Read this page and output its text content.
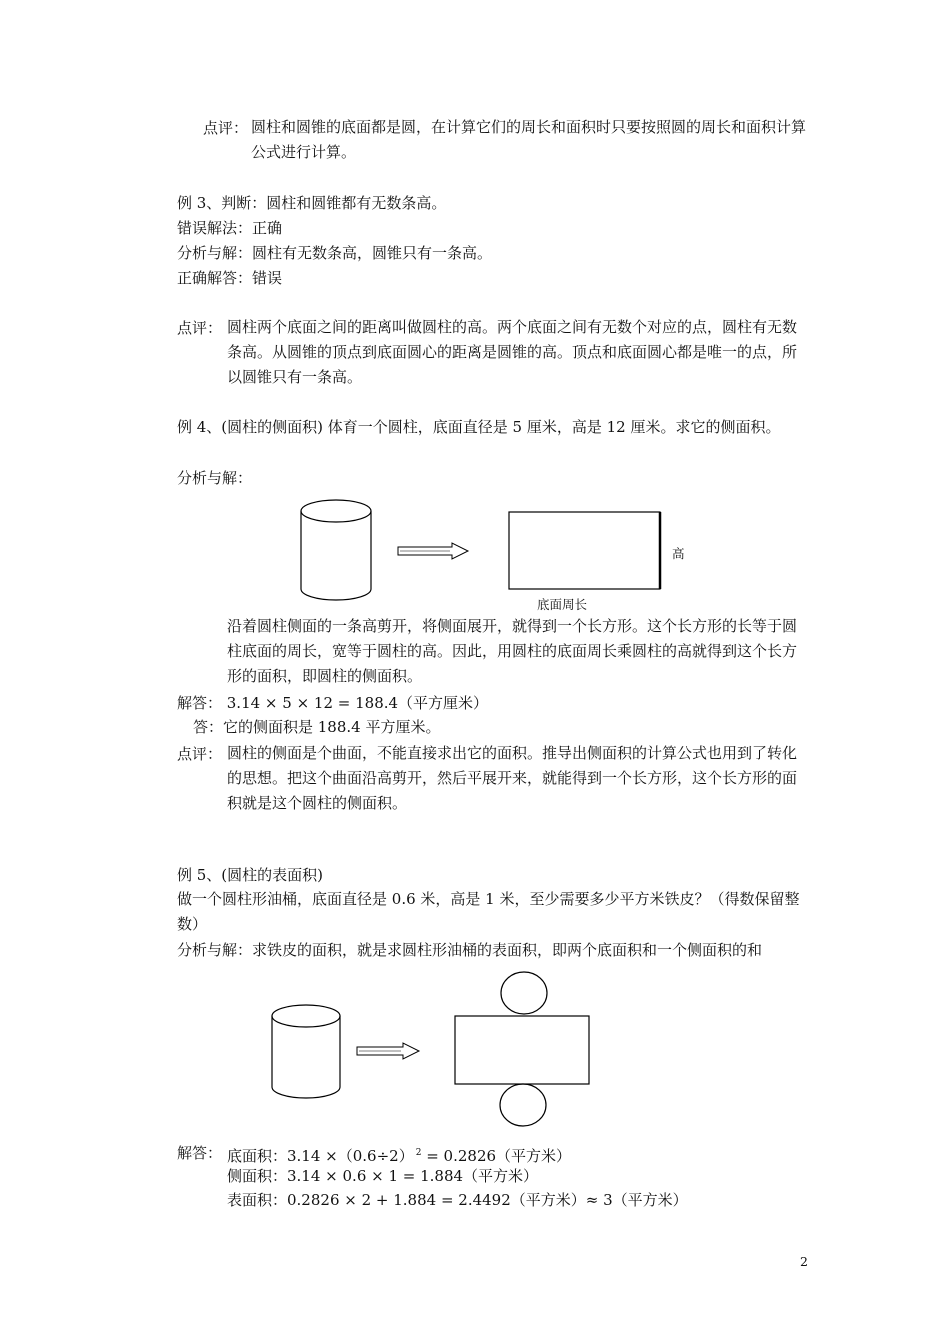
点评： 圆柱和圆锥的底面都是圆，在计算它们的周长和面积时只要按照圆的周长和面积计算公式进行计算。
例 3、判断：圆柱和圆锥都有无数条高。
错误解法：正确
分析与解：圆柱有无数条高，圆锥只有一条高。
正确解答：错误
点评： 圆柱两个底面之间的距离叫做圆柱的高。两个底面之间有无数个对应的点，圆柱有无数条高。从圆锥的顶点到底面圆心的距离是圆锥的高。顶点和底面圆心都是唯一的点，所以圆锥只有一条高。
例 4、(圆柱的侧面积) 体育一个圆柱，底面直径是 5 厘米，高是 12 厘米。求它的侧面积。
分析与解：
高
底面周长
沿着圆柱侧面的一条高剪开，将侧面展开，就得到一个长方形。这个长方形的长等于圆柱底面的周长，宽等于圆柱的高。因此，用圆柱的底面周长乘圆柱的高就得到这个长方形的面积，即圆柱的侧面积。
解答： 3.14 × 5 × 12 = 188.4（平方厘米）
答：它的侧面积是 188.4 平方厘米。
点评： 圆柱的侧面是个曲面，不能直接求出它的面积。推导出侧面积的计算公式也用到了转化的思想。把这个曲面沿高剪开，然后平展开来，就能得到一个长方形，这个长方形的面积就是这个圆柱的侧面积。
例 5、(圆柱的表面积)
做一个圆柱形油桶，底面直径是 0.6 米，高是 1 米，至少需要多少平方米铁皮？（得数保留整数）
分析与解：求铁皮的面积，就是求圆柱形油桶的表面积，即两个底面积和一个侧面积的和
解答： 底面积：3.14 ×（0.6÷2） $^2$ = 0.2826（平方米）
侧面积：3.14 × 0.6 × 1 = 1.884（平方米）
表面积：0.2826 × 2 + 1.884 = 2.4492（平方米）≈ 3（平方米）
2
